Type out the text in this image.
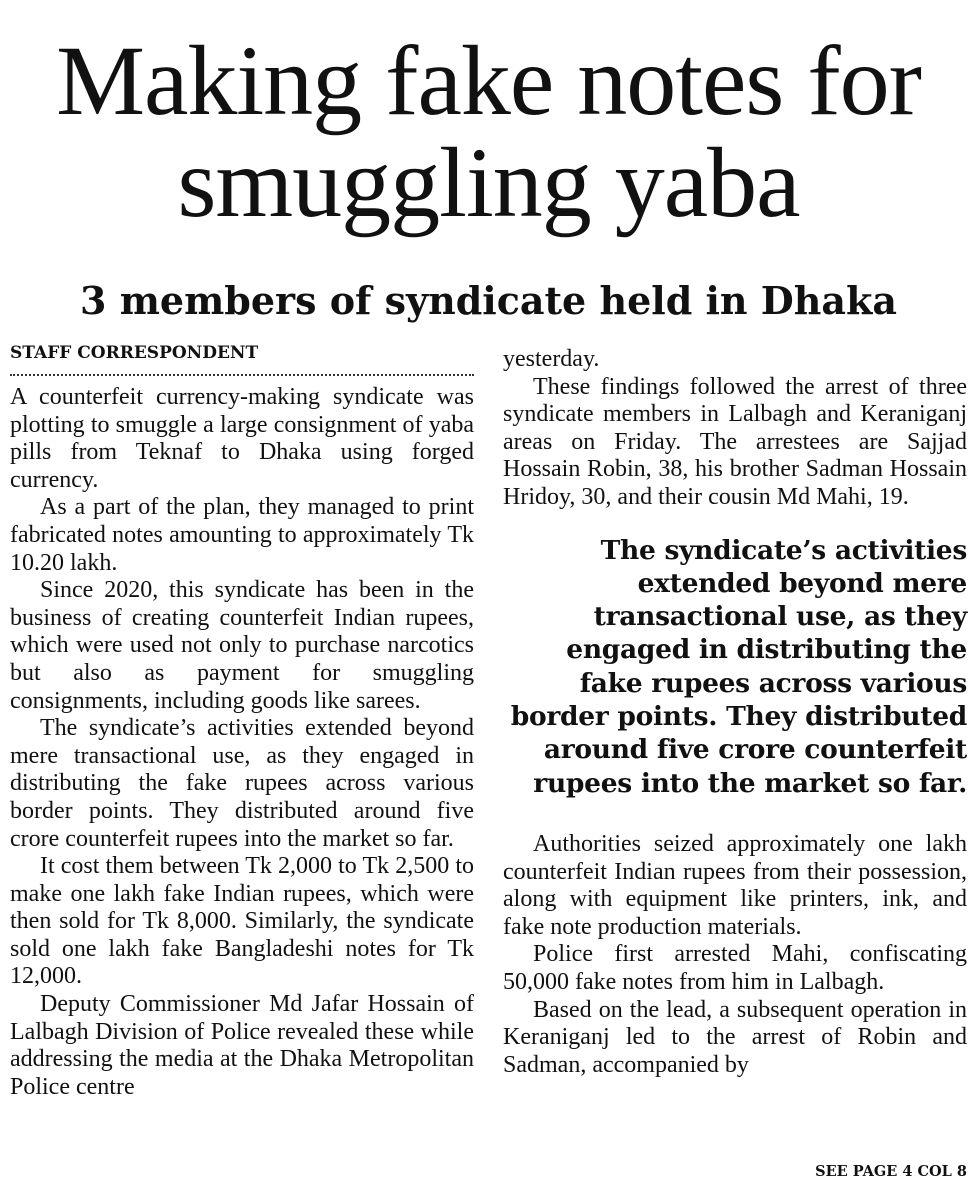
Making fake notes for smuggling yaba
3 members of syndicate held in Dhaka
STAFF CORRESPONDENT

A counterfeit currency-making syndicate was plotting to smuggle a large consignment of yaba pills from Teknaf to Dhaka using forged currency.

As a part of the plan, they managed to print fabricated notes amounting to approximately Tk 10.20 lakh.

Since 2020, this syndicate has been in the business of creating counterfeit Indian rupees, which were used not only to purchase narcotics but also as payment for smuggling consignments, including goods like sarees.

The syndicate’s activities extended beyond mere transactional use, as they engaged in distributing the fake rupees across various border points. They distributed around five crore counterfeit rupees into the market so far.

It cost them between Tk 2,000 to Tk 2,500 to make one lakh fake Indian rupees, which were then sold for Tk 8,000. Similarly, the syndicate sold one lakh fake Bangladeshi notes for Tk 12,000.

Deputy Commissioner Md Jafar Hossain of Lalbagh Division of Police revealed these while addressing the media at the Dhaka Metropolitan Police centre

yesterday.

These findings followed the arrest of three syndicate members in Lalbagh and Keraniganj areas on Friday. The arrestees are Sajjad Hossain Robin, 38, his brother Sadman Hossain Hridoy, 30, and their cousin Md Mahi, 19.

The syndicate’s activities extended beyond mere transactional use, as they engaged in distributing the fake rupees across various border points. They distributed around five crore counterfeit rupees into the market so far.

Authorities seized approximately one lakh counterfeit Indian rupees from their possession, along with equipment like printers, ink, and fake note production materials.

Police first arrested Mahi, confiscating 50,000 fake notes from him in Lalbagh.

Based on the lead, a subsequent operation in Keraniganj led to the arrest of Robin and Sadman, accompanied by

SEE PAGE 4 COL 8
